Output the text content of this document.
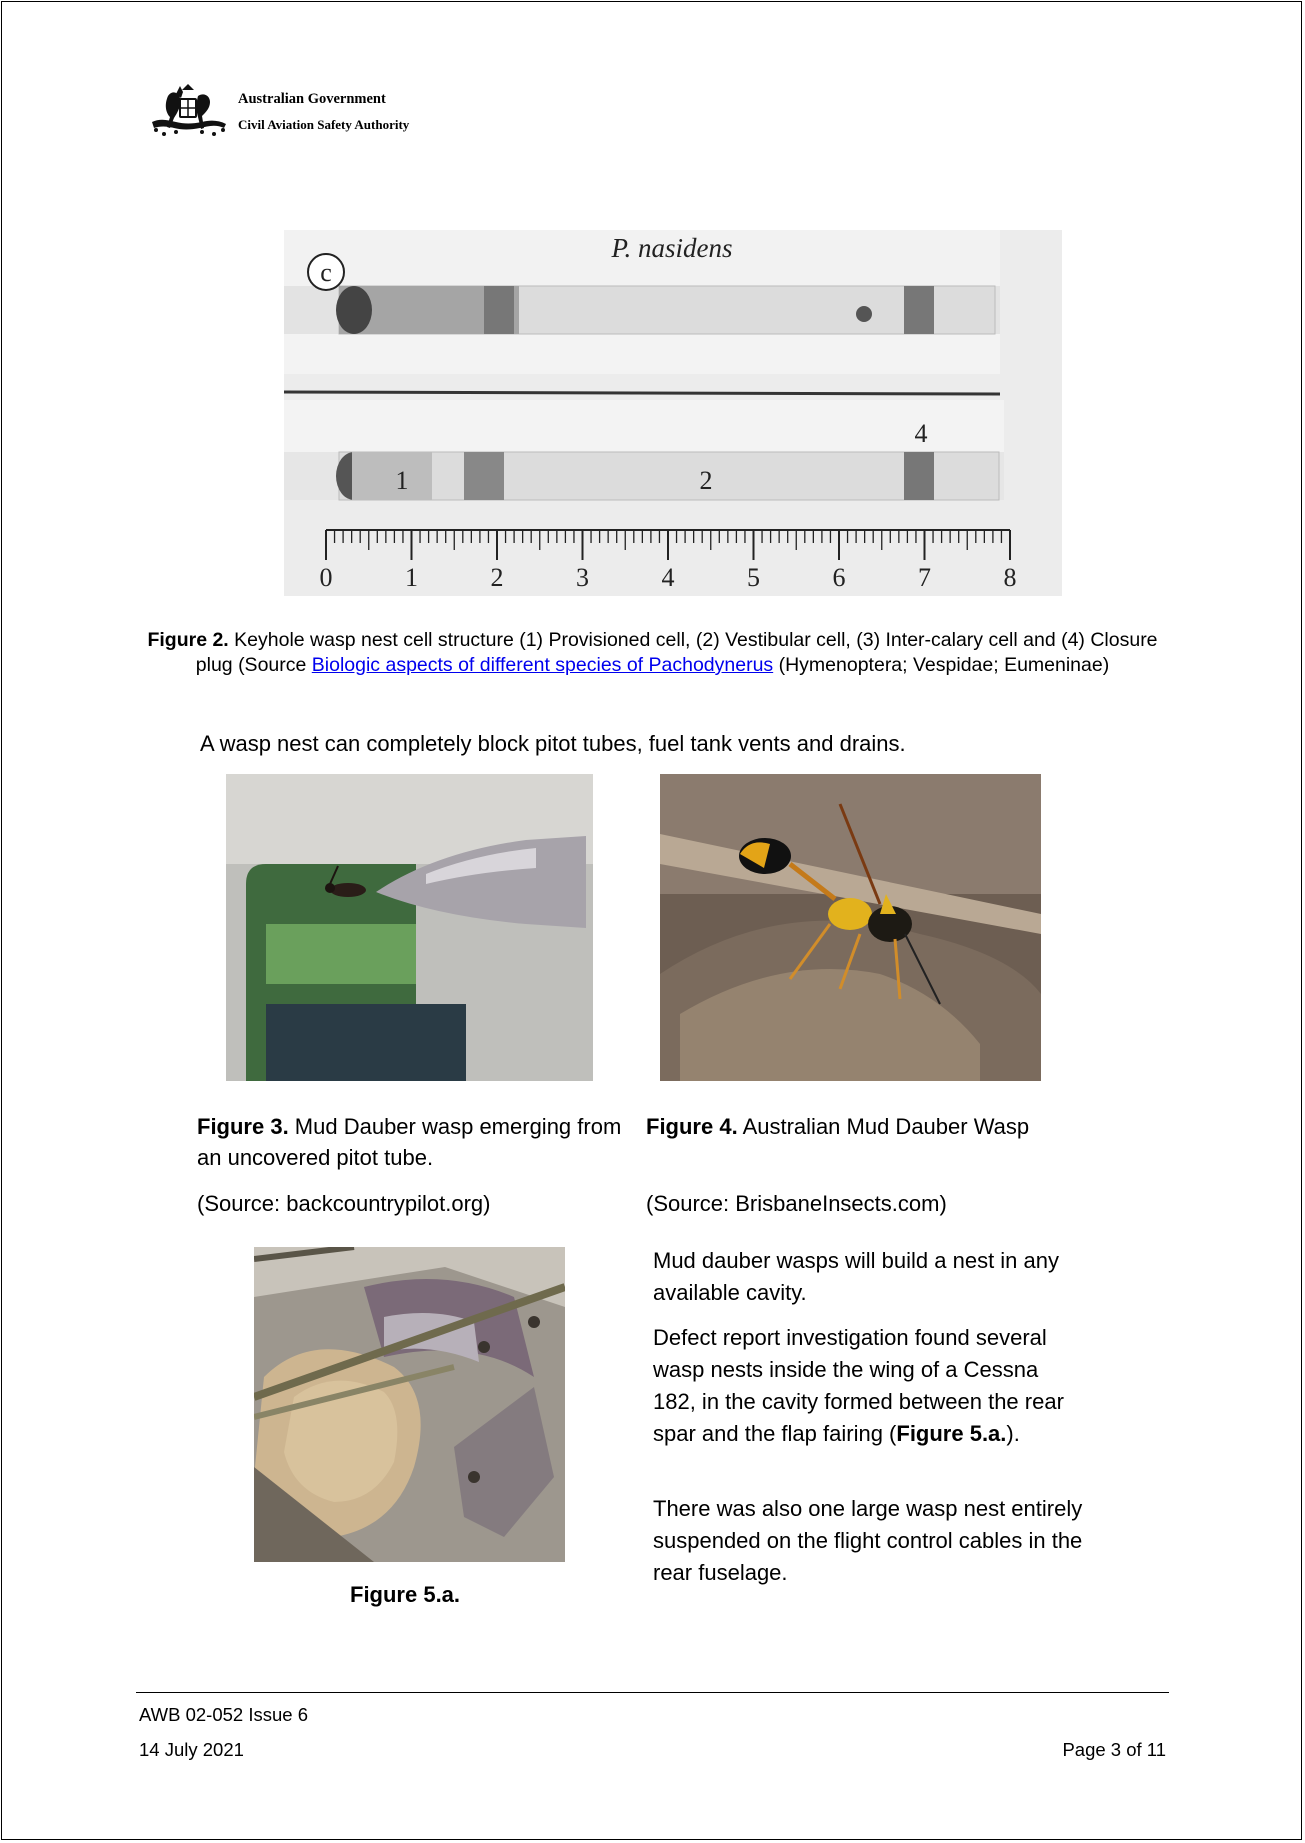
Australian Government
Civil Aviation Safety Authority
0	1	2	3	4	5	6	7	8
c
P. nasidens
1	2
4
Figure 2. Keyhole wasp nest cell structure (1) Provisioned cell, (2) Vestibular cell, (3) Inter-calary cell and (4) Closure plug (Source Biologic aspects of different species of Pachodynerus (Hymenoptera; Vespidae; Eumeninae)
A wasp nest can completely block pitot tubes, fuel tank vents and drains.
Figure 3. Mud Dauber wasp emerging from an uncovered pitot tube.
Figure 4. Australian Mud Dauber Wasp
(Source: backcountrypilot.org)	(Source: BrisbaneInsects.com)
Figure 5.a.
Mud dauber wasps will build a nest in any available cavity.
Defect report investigation found several wasp nests inside the wing of a Cessna 182, in the cavity formed between the rear spar and the flap fairing (Figure 5.a.).
There was also one large wasp nest entirely suspended on the flight control cables in the rear fuselage.
AWB 02-052 Issue 6
14 July 2021	Page 3 of 11
